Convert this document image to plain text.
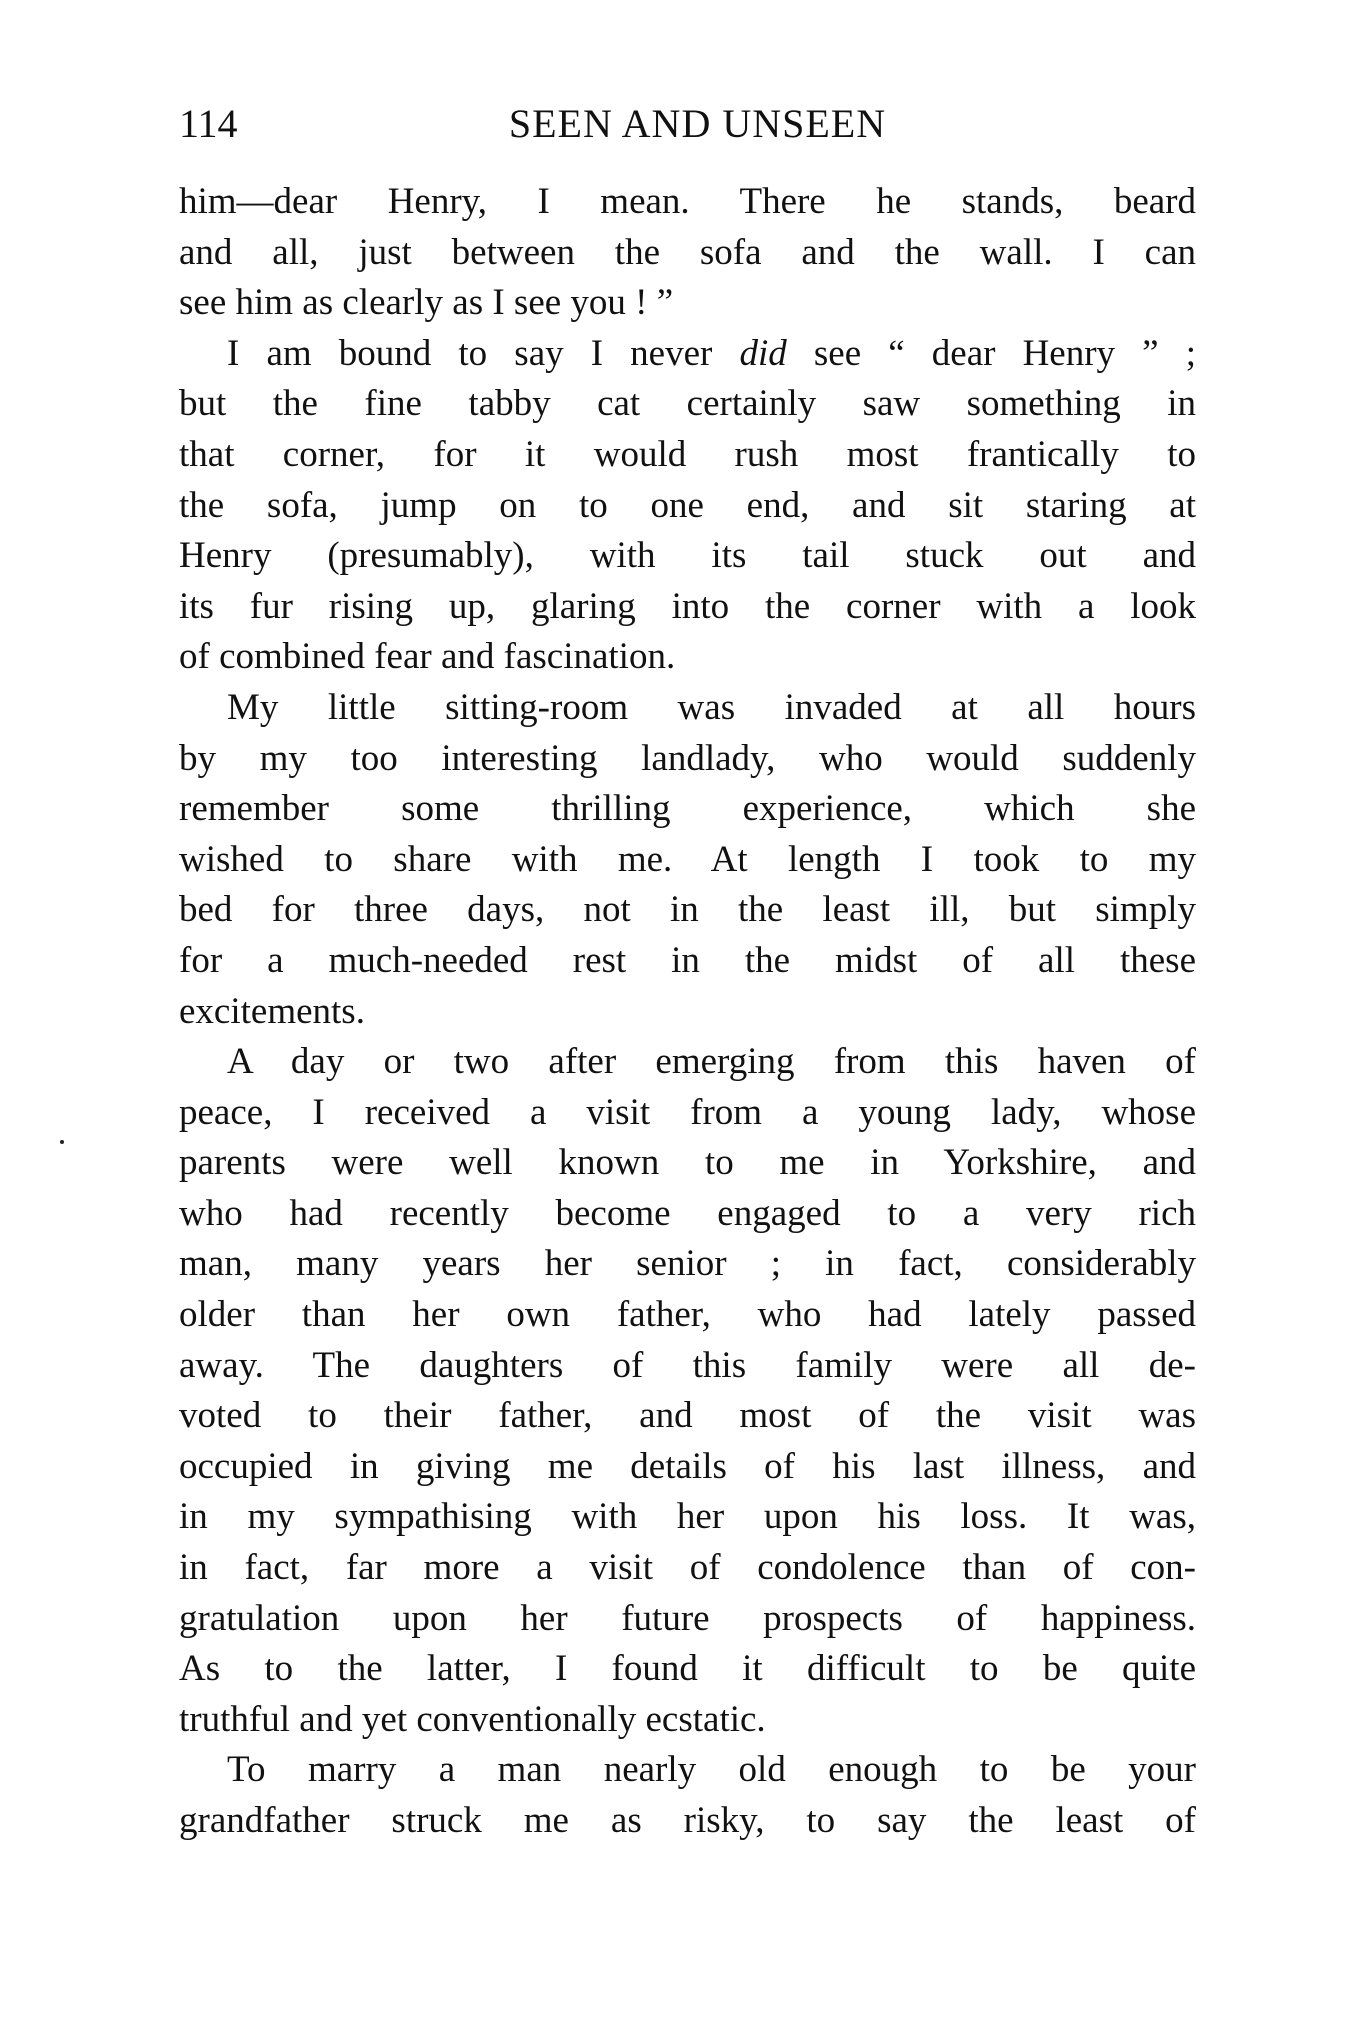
114	SEEN AND UNSEEN
him—dear Henry, I mean. There he stands, beard
and all, just between the sofa and the wall. I can
see him as clearly as I see you ! ”
I am bound to say I never did see “ dear Henry ” ;
but the fine tabby cat certainly saw something in
that corner, for it would rush most frantically to
the sofa, jump on to one end, and sit staring at
Henry (presumably), with its tail stuck out and
its fur rising up, glaring into the corner with a look
of combined fear and fascination.
My little sitting-room was invaded at all hours
by my too interesting landlady, who would suddenly
remember some thrilling experience, which she
wished to share with me. At length I took to my
bed for three days, not in the least ill, but simply
for a much-needed rest in the midst of all these
excitements.
A day or two after emerging from this haven of
peace, I received a visit from a young lady, whose
parents were well known to me in Yorkshire, and
who had recently become engaged to a very rich
man, many years her senior ; in fact, considerably
older than her own father, who had lately passed
away. The daughters of this family were all de-
voted to their father, and most of the visit was
occupied in giving me details of his last illness, and
in my sympathising with her upon his loss. It was,
in fact, far more a visit of condolence than of con-
gratulation upon her future prospects of happiness.
As to the latter, I found it difficult to be quite
truthful and yet conventionally ecstatic.
To marry a man nearly old enough to be your
grandfather struck me as risky, to say the least of
